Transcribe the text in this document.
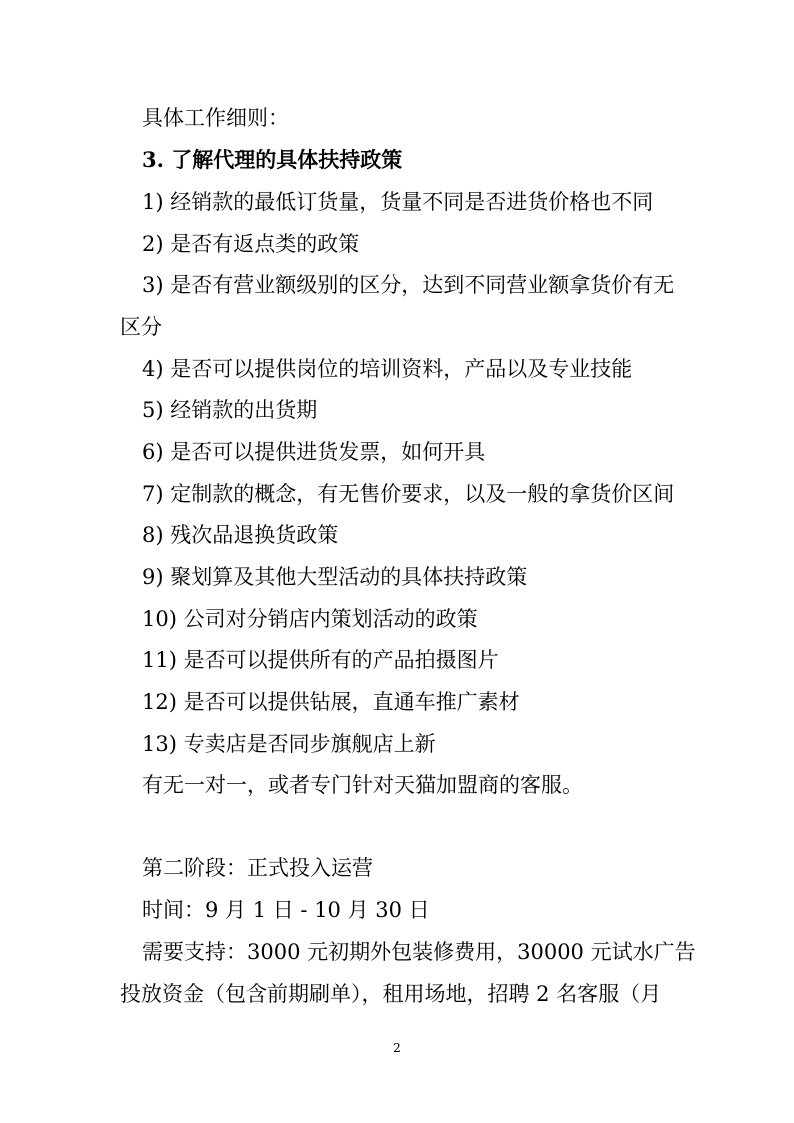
具体工作细则：
3. 了解代理的具体扶持政策
1) 经销款的最低订货量，货量不同是否进货价格也不同
2) 是否有返点类的政策
3) 是否有营业额级别的区分，达到不同营业额拿货价有无
区分
4) 是否可以提供岗位的培训资料，产品以及专业技能
5) 经销款的出货期
6) 是否可以提供进货发票，如何开具
7) 定制款的概念，有无售价要求，以及一般的拿货价区间
8) 残次品退换货政策
9) 聚划算及其他大型活动的具体扶持政策
10) 公司对分销店内策划活动的政策
11) 是否可以提供所有的产品拍摄图片
12) 是否可以提供钻展，直通车推广素材
13) 专卖店是否同步旗舰店上新
有无一对一，或者专门针对天猫加盟商的客服。
第二阶段：正式投入运营
时间：9 月 1 日 - 10 月 30 日
需要支持：3000 元初期外包装修费用，30000 元试水广告
投放资金（包含前期刷单），租用场地，招聘 2 名客服（月
2
